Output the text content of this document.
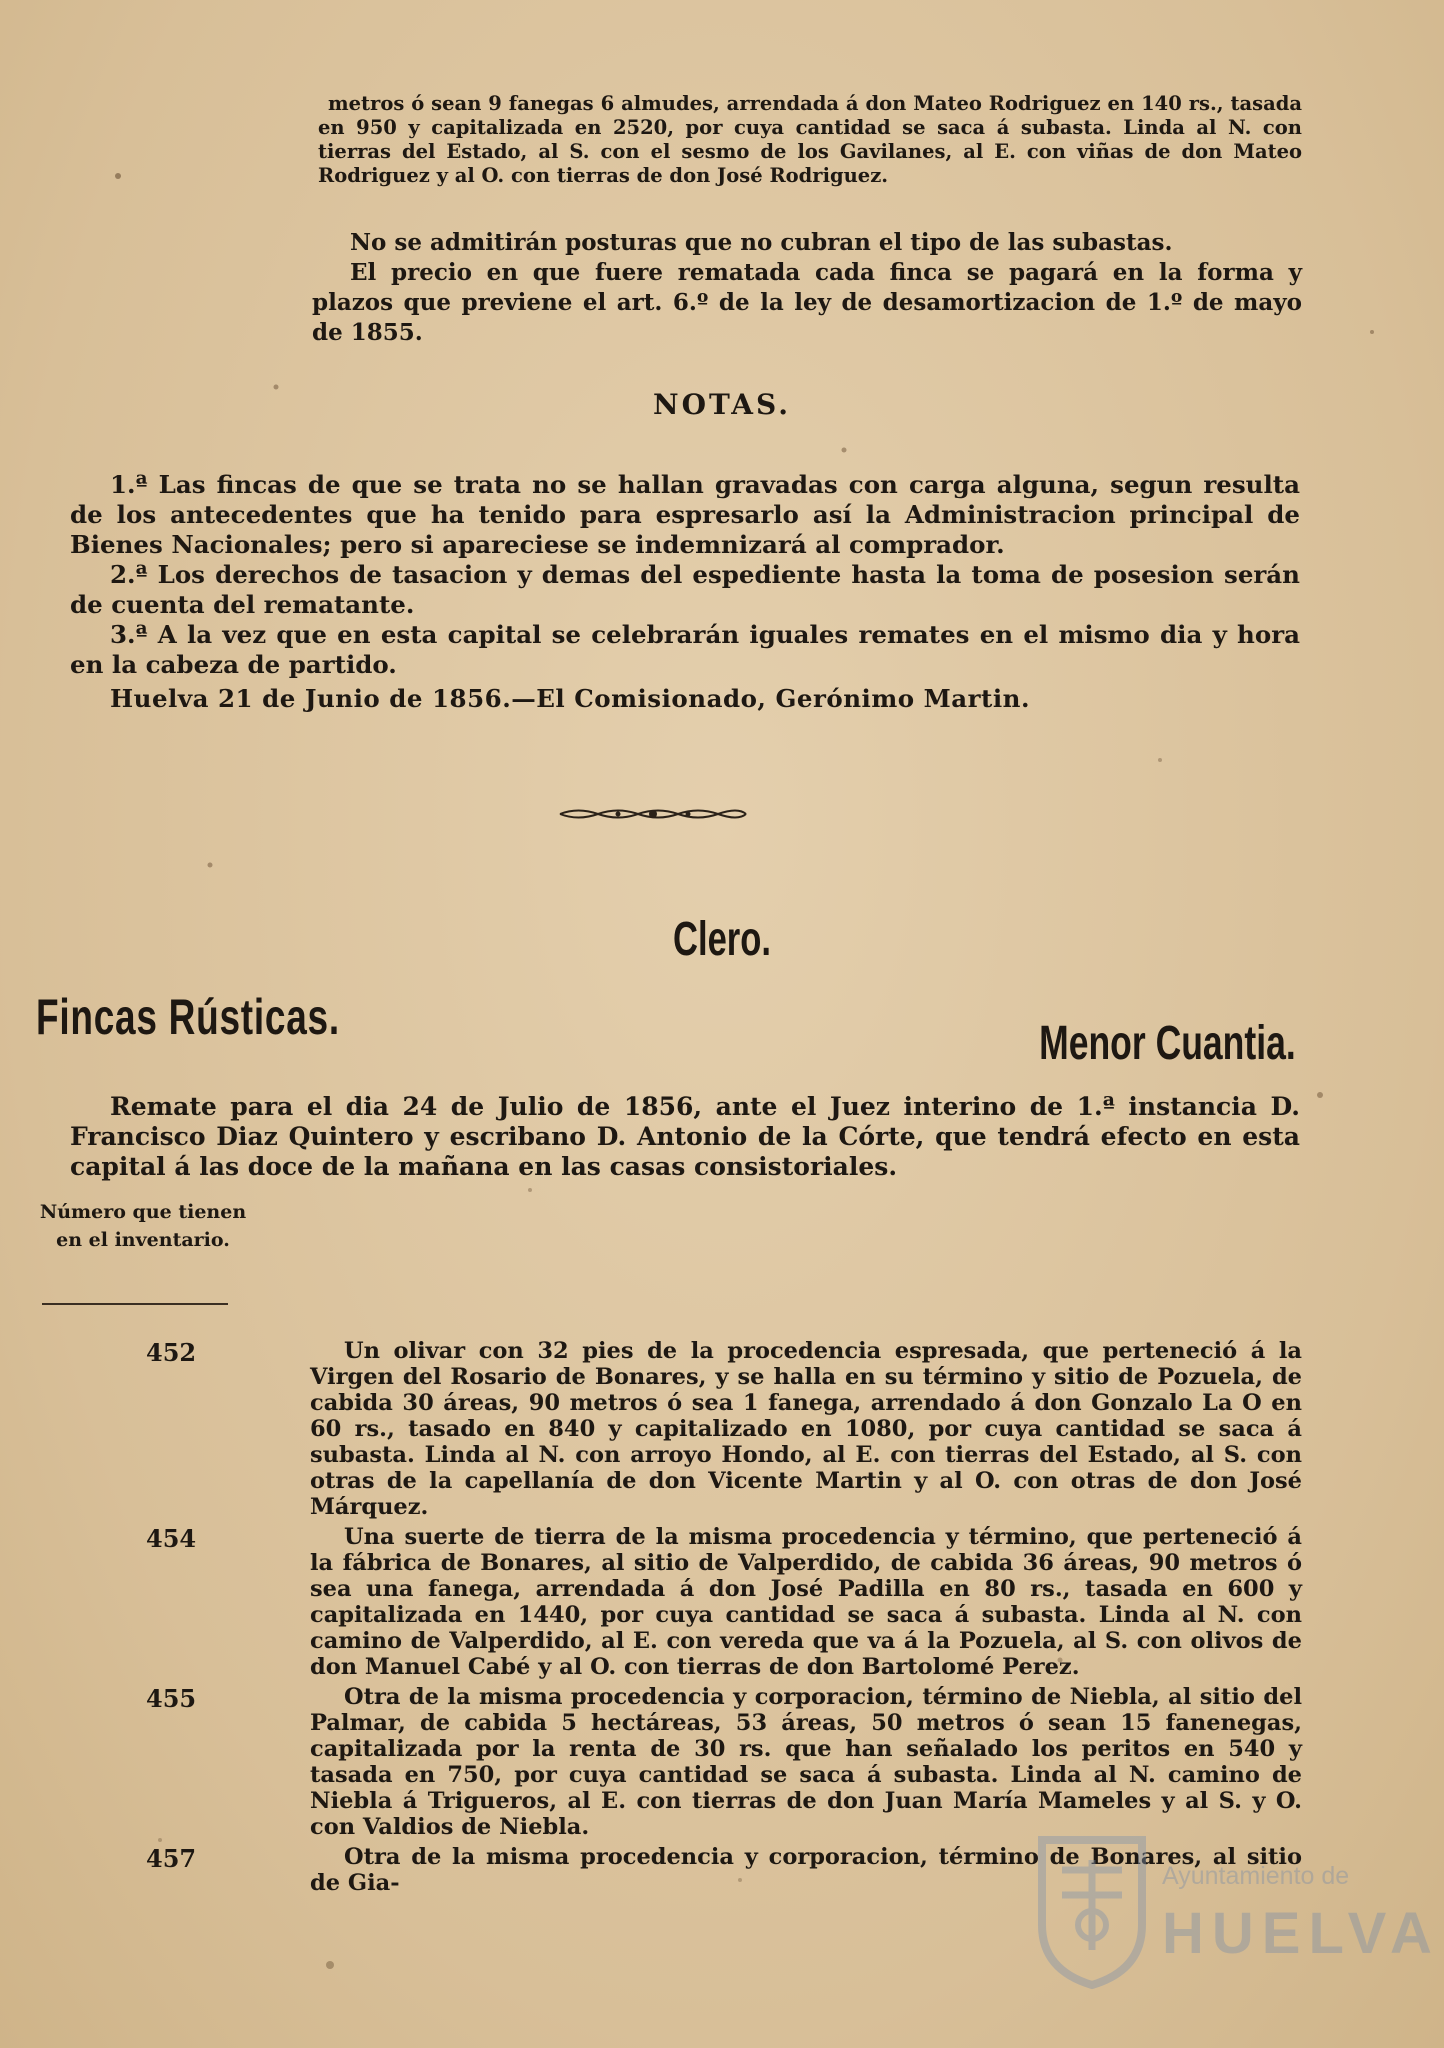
metros ó sean 9 fanegas 6 almudes, arrendada á don Mateo Rodriguez en 140 rs., tasada en 950 y capitalizada en 2520, por cuya cantidad se saca á subasta. Linda al N. con tierras del Estado, al S. con el sesmo de los Gavilanes, al E. con viñas de don Mateo Rodriguez y al O. con tierras de don José Rodriguez.

No se admitirán posturas que no cubran el tipo de las subastas.

El precio en que fuere rematada cada finca se pagará en la forma y plazos que previene el art. 6.º de la ley de desamortizacion de 1.º de mayo de 1855.

NOTAS.

1.ª Las fincas de que se trata no se hallan gravadas con carga alguna, segun resulta de los antecedentes que ha tenido para espresarlo así la Administracion principal de Bienes Nacionales; pero si apareciese se indemnizará al comprador.

2.ª Los derechos de tasacion y demas del espediente hasta la toma de posesion serán de cuenta del rematante.

3.ª A la vez que en esta capital se celebrarán iguales remates en el mismo dia y hora en la cabeza de partido.

Huelva 21 de Junio de 1856.—El Comisionado, Gerónimo Martin.

Clero.
Fincas Rústicas.	Menor Cuantia.

Remate para el dia 24 de Julio de 1856, ante el Juez interino de 1.ª instancia D. Francisco Diaz Quintero y escribano D. Antonio de la Córte, que tendrá efecto en esta capital á las doce de la mañana en las casas consistoriales.

Número que tienen en el inventario.
452	Un olivar con 32 pies de la procedencia espresada, que perteneció á la Virgen del Rosario de Bonares, y se halla en su término y sitio de Pozuela, de cabida 30 áreas, 90 metros ó sea 1 fanega, arrendado á don Gonzalo La O en 60 rs., tasado en 840 y capitalizado en 1080, por cuya cantidad se saca á subasta. Linda al N. con arroyo Hondo, al E. con tierras del Estado, al S. con otras de la capellanía de don Vicente Martin y al O. con otras de don José Márquez.

454	Una suerte de tierra de la misma procedencia y término, que perteneció á la fábrica de Bonares, al sitio de Valperdido, de cabida 36 áreas, 90 metros ó sea una fanega, arrendada á don José Padilla en 80 rs., tasada en 600 y capitalizada en 1440, por cuya cantidad se saca á subasta. Linda al N. con camino de Valperdido, al E. con vereda que va á la Pozuela, al S. con olivos de don Manuel Cabé y al O. con tierras de don Bartolomé Perez.

455	Otra de la misma procedencia y corporacion, término de Niebla, al sitio del Palmar, de cabida 5 hectáreas, 53 áreas, 50 metros ó sean 15 fanenegas, capitalizada por la renta de 30 rs. que han señalado los peritos en 540 y tasada en 750, por cuya cantidad se saca á subasta. Linda al N. camino de Niebla á Trigueros, al E. con tierras de don Juan María Mameles y al S. y O. con Valdios de Niebla.

457	Otra de la misma procedencia y corporacion, término de Bonares, al sitio de Gia-	Ayuntamiento de
HUELVA
